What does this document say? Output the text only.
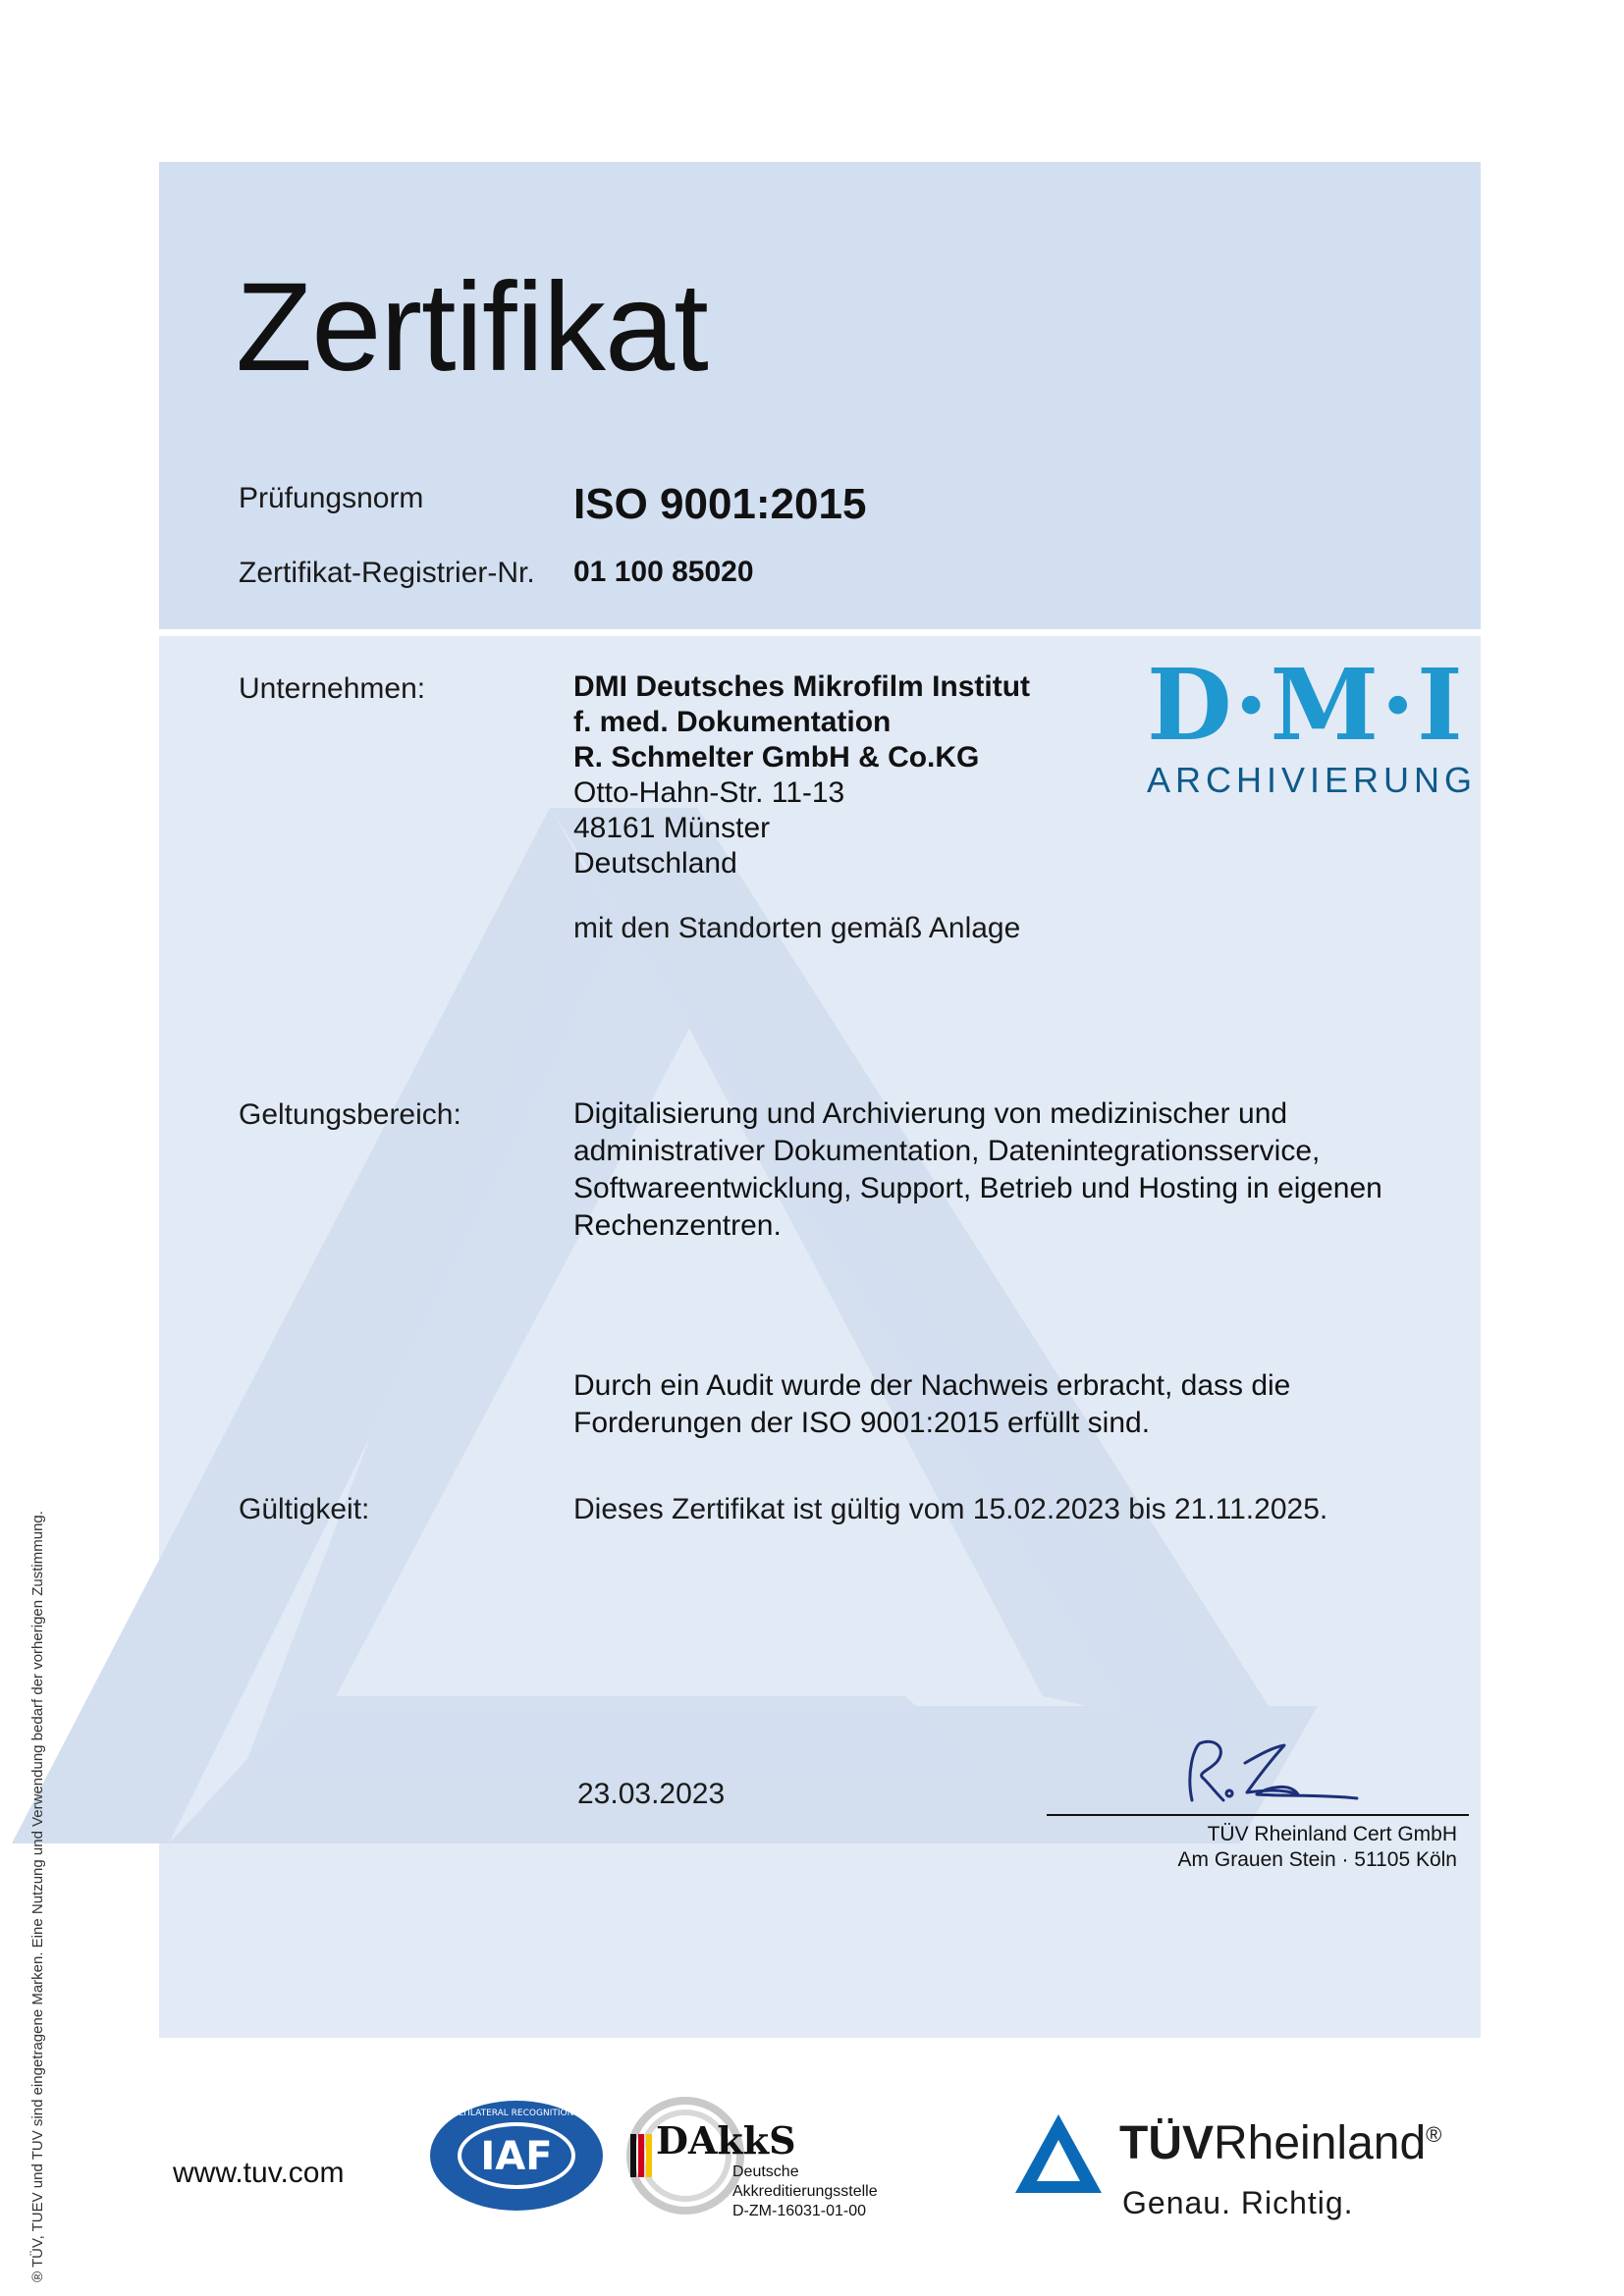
Zertifikat
Prüfungsnorm	ISO 9001:2015
Zertifikat-Registrier-Nr. 01 100 85020
Unternehmen:	DMI Deutsches Mikrofilm Institut
f. med. Dokumentation
R. Schmelter GmbH & Co.KG
Otto-Hahn-Str. 11-13
48161 Münster
Deutschland
mit den Standorten gemäß Anlage
D·M·I
ARCHIVIERUNG
Geltungsbereich:	Digitalisierung und Archivierung von medizinischer und
administrativer Dokumentation, Datenintegrationsservice,
Softwareentwicklung, Support, Betrieb und Hosting in eigenen
Rechenzentren.
Durch ein Audit wurde der Nachweis erbracht, dass die
Forderungen der ISO 9001:2015 erfüllt sind.
Gültigkeit:	Dieses Zertifikat ist gültig vom 15.02.2023 bis 21.11.2025.
23.03.2023
TÜV Rheinland Cert GmbH
Am Grauen Stein · 51105 Köln
® TÜV, TUEV und TUV sind eingetragene Marken. Eine Nutzung und Verwendung bedarf der vorherigen Zustimmung.	www.tuv.com	IAF
MEMBER OF MULTILATERAL RECOGNITION ARRANGEMENT
DAkkS
Deutsche
Akkreditierungsstelle
D-ZM-16031-01-00
TÜVRheinland®
Genau. Richtig.
